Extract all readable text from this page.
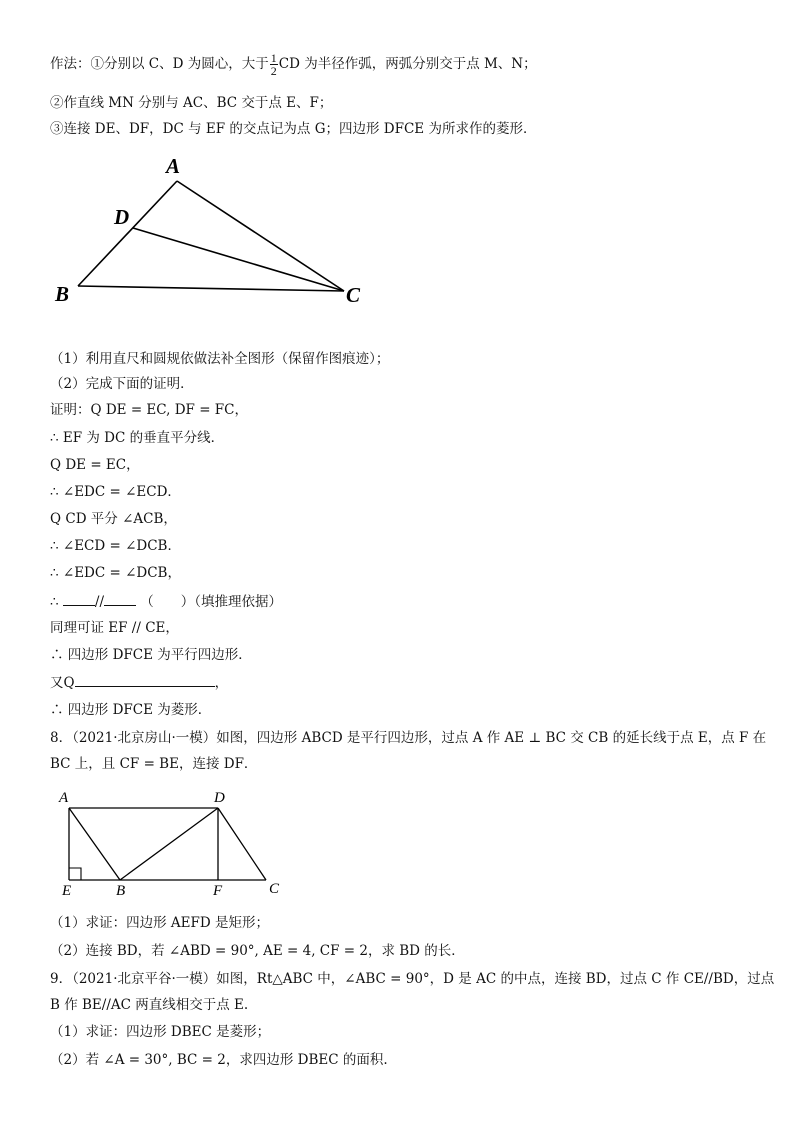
作法：①分别以 C、D 为圆心，大于 $\frac{1}{2}$ CD 为半径作弧，两弧分别交于点 M、N；
②作直线 MN 分别与 AC、BC 交于点 E、F；
③连接 DE、DF，DC 与 EF 的交点记为点 G；四边形 DFCE 为所求作的菱形．
A
D
B	C
（1）利用直尺和圆规依做法补全图形（保留作图痕迹）；
（2）完成下面的证明．
证明：Q DE = EC, DF = FC，
∴ EF 为 DC 的垂直平分线．
Q DE = EC，
∴ ∠EDC = ∠ECD．
Q CD 平分 ∠ACB，
∴ ∠ECD = ∠DCB．
∴ ∠EDC = ∠DCB，
∴	//	（　　）（填推理依据）
同理可证 EF // CE，
∴ 四边形 DFCE 为平行四边形．
又Q	，
∴ 四边形 DFCE 为菱形．
8．（2021·北京房山·一模）如图，四边形 ABCD 是平行四边形，过点 A 作 AE ⊥ BC 交 CB 的延长线于点 E，点 F 在
BC 上，且 CF = BE，连接 DF．
A	D
E	B	F	C
（1）求证：四边形 AEFD 是矩形；
（2）连接 BD，若 ∠ABD = 90°, AE = 4, CF = 2，求 BD 的长．
9．（2021·北京平谷·一模）如图，Rt△ABC 中，∠ABC = 90°，D 是 AC 的中点，连接 BD，过点 C 作 CE//BD，过点
B 作 BE//AC 两直线相交于点 E.
（1）求证：四边形 DBEC 是菱形；
（2）若 ∠A = 30°, BC = 2，求四边形 DBEC 的面积.
